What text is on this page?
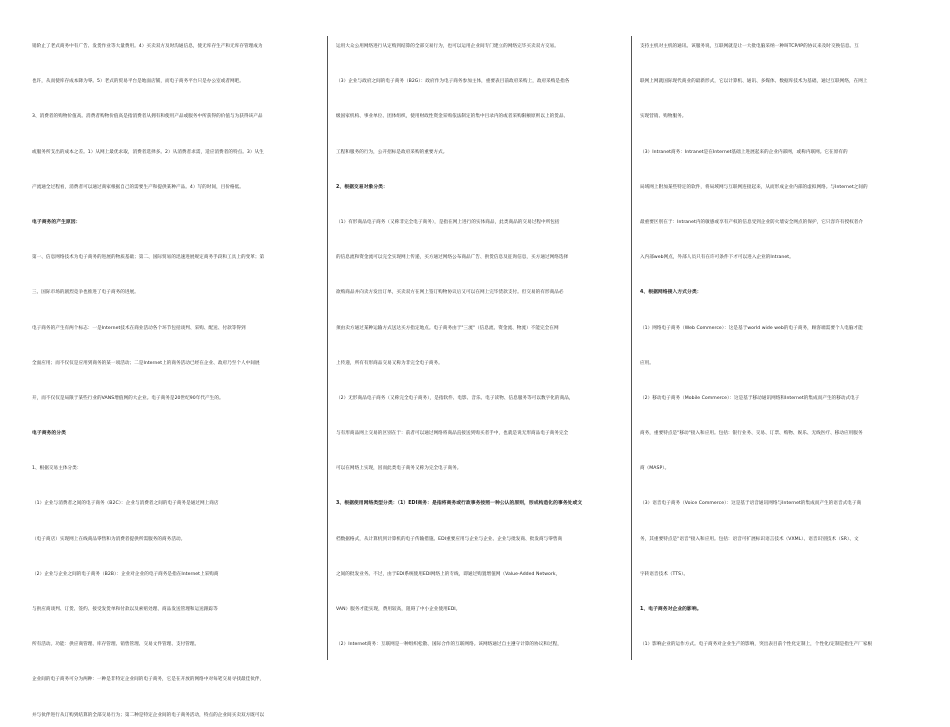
销阶止了老式商务中有广告、发货作业等大量费用。4）买卖双方及时沟通信息，使无库存生产和无库存管理成为

也许，从而使库存成本降为零。5）老式的贸易平台是地面店铺，而电子商务平台只是办公室或者网吧。

3、消费者的购物价值高。消费者购物价值高是指消费者从拥有和使用产品或服务中所获得的价值与为获得该产品

或服务所支出的成本之差。1）从网上最优求取，消费者选择多。2）从消费者求需，适应消费者的特点。3）从生

产流通全过程看，消费者可以通过商家根据自己的需要生产和提供某种产品。4）写的时间，目价格低。

电子商务的产生原因：

第一、信息网络技术为电子商务的进展的物质基础；第二、国际贸易的迅速进展规定商务手段和工具上的变革；第

三、国际市场的剧烈竞争也推进了电子商务的进展。

电子商务的产生有两个标志：一是Internet技术在商业活动各个环节包括谈判、采购、配送、付款等得到

全面应用；而不仅仅是应用到商务的某一项活动；二是Internet上的商务活动已经在企业、政府乃至个人中间展

开，而不仅仅是局限于某些行业的VANS增值网的大企业。电子商务是20世纪90年代产生的。

电子商务的分类

1、根据交易主体分类：

（1）企业与消费者之间的电子商务（B2C）：企业与消费者之间的电子商务是通过网上商店

（电子商店）实现网上在线商品零售和为消费者提供所需服务的商务活动。

（2）企业与企业之间的电子商务（B2B）：企业对企业的电子商务是指在Internet上采购商

与供应商谈判、订货、签约、接受发货单和付款以及索赔处理、商品发送管理和运送跟踪等

所有活动。功能：供应商管理、库存管理、销售管理、交易文件管理、支付管理。

企业间的电子商务可分为两种：一种是非特定企业间的电子商务，它是在开放的网络中对每笔交易寻找最佳伙伴，

并与伙伴进行从订购到结算的全部交易行为；第二种是特定企业间的电子商务活动，特点的企业间买卖双方既可以

运用大众公用网络进行从定购到结算的全部交易行为，也可以运用企业间专门建立的网络完毕买卖双方交易。

（3）企业与政府之间的电子商务（B2G）：政府作为电子商务参加主体，重要表目前政府采购上，政府采购是指各

级国家机构、事业单位、团体组织，使用财政性资金采购依法制定的集中目录内的或者采购限额原则以上的货品、

工程和服务的行为，公开招标是政府采购的重要方式。

2、根据交易对象分类：

（1）有形商品电子商务（又称非完全电子商务），是指在网上进行的实体商品，此类商品的交易过程中所包括

的信息流和资金流可以完全实现网上传递，买方通过网络公布商品广告、供货信息及征询信息，买方通过网络选择

欲购商品并向卖方发出订单，买卖双方在网上签订购物协议后又可以在网上完毕货款支付。但交易的有形商品必

须由卖方通过某种运输方式送达买方指定地点。电子商务由于"三流"（信息流、资金流、物流）不能完全在网

上传递，所有有形商品交易又称为非完全电子商务。

（2）无形商品电子商务（又称完全电子商务），是指软件、电影、音乐、电子读物、信息服务等可以数字化的商品，

与有形商品网上交易的区别在于：前者可以通过网络将商品直接送到购买者手中，也就是说无形商品电子商务完全

可以在网络上实现，因而此类电子商务又称为完全电子商务。

3、根据使用网络类型分类：（1）EDI商务：是指将商务或行政事务按照一种公认的原则，形成构造化的事务处或文

档数据格式，从计算机到计算机的电子传输措施。EDI重要应用与企业与企业、企业与批发商、批发商与零售商

之间的批发业务。不过，由于EDI系统使用EDI网络上的专线，即通过购置增值网（Value-Added Network，

VAN）服务才能实现，费用较高，阻碍了中小企业使用EDI。

（2）Internet商务：互联网是一种组织松散、国际合作的互联网络。该网络通过自主遵守计算的协议和过程，

支持主机对主机的通讯。该服务说，互联网就是让一大批电脑采纳一种叫TCP/IP的协议来及时交换信息。互

联网上网就国际现代商业的最新形式，它以计算机、通讯、多媒体、数据库技术为基础，通过互联网络，在网上

实现营销、购物服务。

（3）Intranet商务：Intranet是在Internet基础上进展起来的企业内部网，或称内联网。它在原有的

局域网上附加某些特定的软件，将局域网与互联网连接起来，从而形成企业内部的虚拟网络。与Internet之间的

最重要区别在于：Intranet内的敏感或享有产权的信息受到企业防火墙安全网点的保护，它只容许有授权者介

入内部web网点，外部人员只有在许可条件下才可以进入企业的Intranet。

4、根据网络接入方式分类：

（1）网络电子商务（Web Commerce）：这是基于world wide web的电子商务，顾客端需要个人电脑才能

应用。

（2）移动电子商务（Mobile Commerce）：这是基于移动通讯网络和Internet的集成而产生的移动式电子

商务，重要特点是"移动"接入和应用。包括：银行业务、交易、订票、购物、娱乐、无线医疗、移动应用服务

商（MASP）。

（3）语音电子商务（Voice Commerce）：这是基于语音通讯网络与Internet的集成而产生的语音式电子商

务，其重要特点是"语音"接入和应用。包括：语音可扩展标识语言技术（VXML）、语音识别技术（SR）、文

字转语音技术（TTS）。

1、电子商务对企业的影响。

（1）影响企业的运作方式。电子商务对企业生产的影响，突出表目前个性化定制上，个性化/定制是指生产厂家根
